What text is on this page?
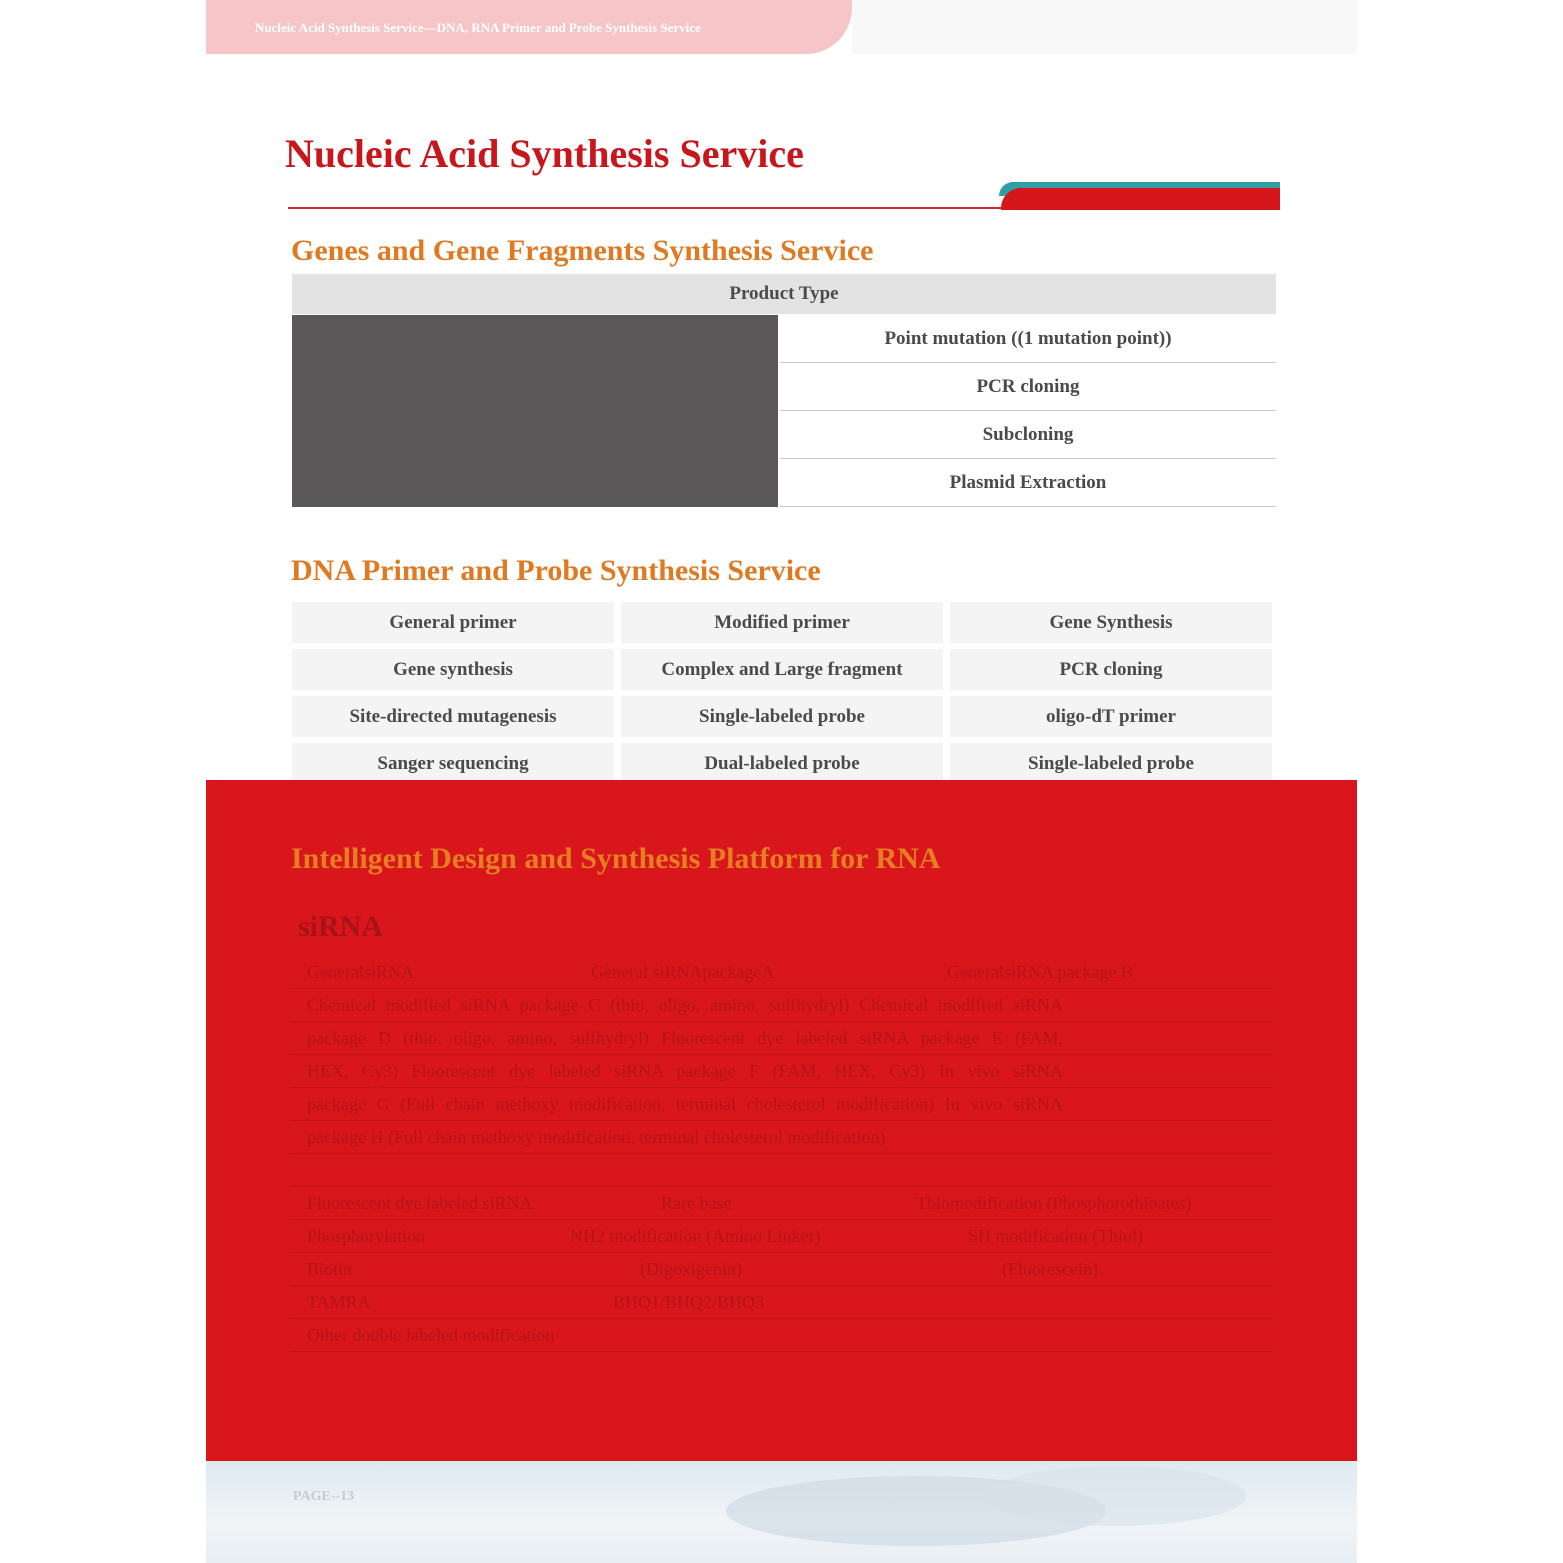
Nucleic Acid Synthesis Service—DNA, RNA Primer and Probe Synthesis Service
Nucleic Acid Synthesis Service
Genes and Gene Fragments Synthesis Service
Product Type
Point mutation ((1 mutation point))
PCR cloning
Subcloning
Plasmid Extraction
DNA Primer and Probe Synthesis Service
General primer	Modified primer	Gene Synthesis
Gene synthesis	Complex and Large fragment	PCR cloning
Site-directed mutagenesis	Single-labeled probe	oligo-dT primer
Sanger sequencing	Dual-labeled probe	Single-labeled probe
Intelligent Design and Synthesis Platform for RNA
siRNA
GeneralsiRNA	General siRNApackageA	GeneralsiRNA package B
Chemical modified siRNA package C (thio, oligo, amino, sulfhydryl) Chemical modified siRNA
package D (thio, oligo, amino, sulfhydryl) Fluorescent dye labeled siRNA package E (FAM,
HEX, Cy3) Fluorescent dye labeled siRNA package F (FAM, HEX, Cy3) In vivo siRNA
package G (Full chain methoxy modification, terminal cholesterol modification) In vivo siRNA
package H (Full chain methoxy modification, terminal cholesterol modification)
Fluorescent dye labeled siRNA	Rare base	Thiomodification (Phosphorothioates)
Phosphorylation	NH2 modification (Amino Linker)	SH modification (Thiol)
Biotin	(Digoxigenin)	(Fluorescein)
TAMRA	BHQ1/BHQ2/BHQ3
Other double labeled modification
PAGE--13
